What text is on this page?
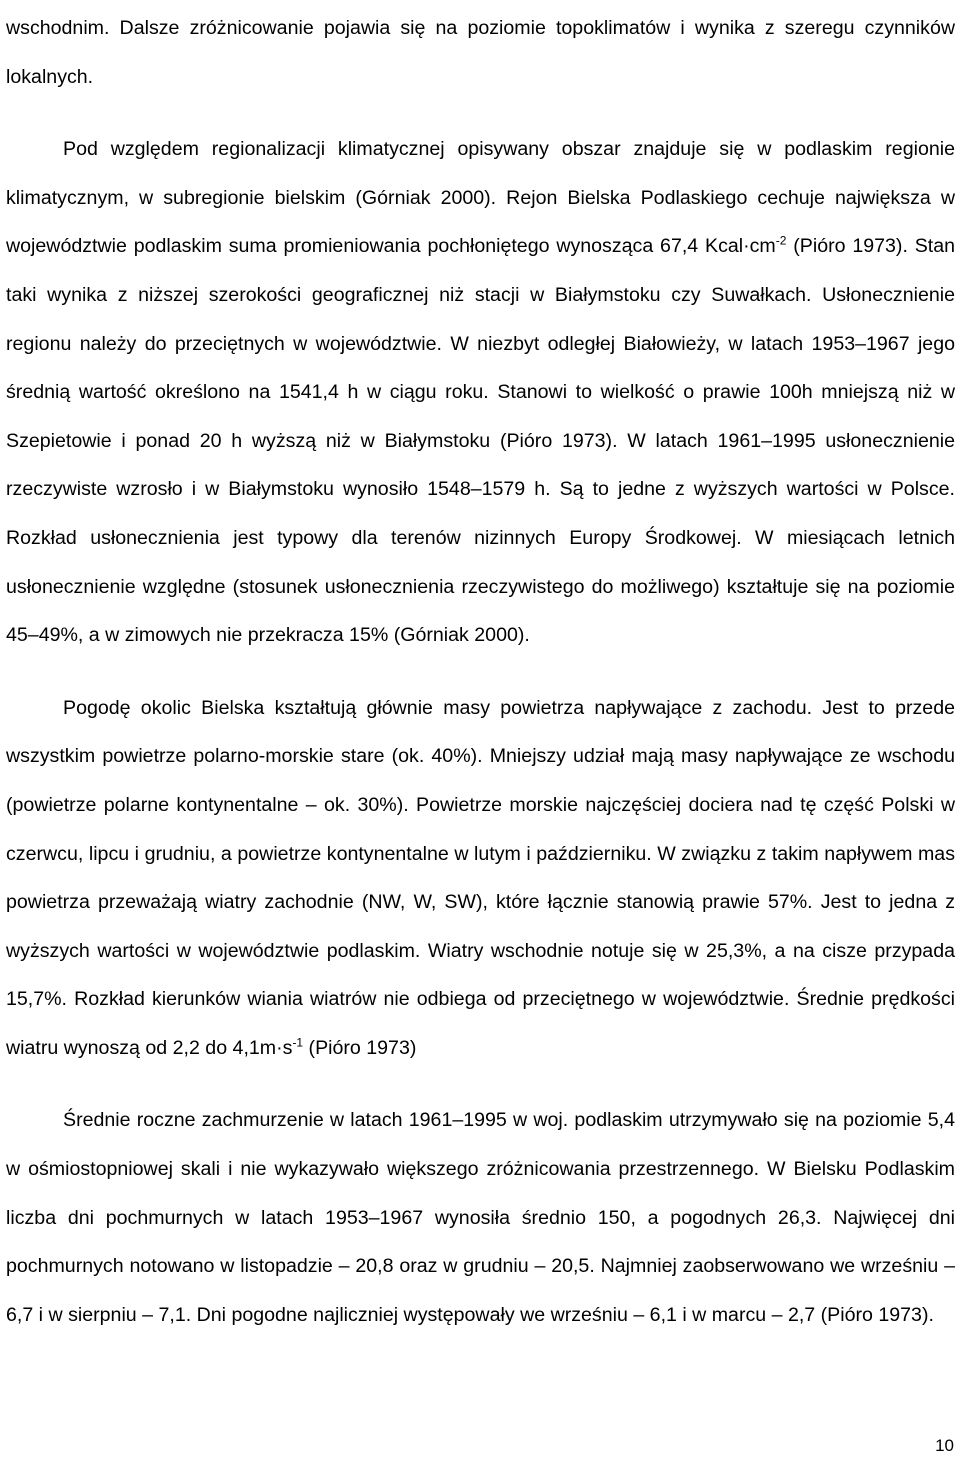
wschodnim. Dalsze zróżnicowanie pojawia się na poziomie topoklimatów i wynika z szeregu czynników lokalnych.

Pod względem regionalizacji klimatycznej opisywany obszar znajduje się w podlaskim regionie klimatycznym, w subregionie bielskim (Górniak 2000). Rejon Bielska Podlaskiego cechuje największa w województwie podlaskim suma promieniowania pochłoniętego wynosząca 67,4 $Kcal\cdot cm^{-2}$ (Pióro 1973). Stan taki wynika z niższej szerokości geograficznej niż stacji w Białymstoku czy Suwałkach. Usłonecznienie regionu należy do przeciętnych w województwie. W niezbyt odległej Białowieży, w latach 1953–1967 jego średnią wartość określono na 1541,4 h w ciągu roku. Stanowi to wielkość o prawie 100h mniejszą niż w Szepietowie i ponad 20 h wyższą niż w Białymstoku (Pióro 1973). W latach 1961–1995 usłonecznienie rzeczywiste wzrosło i w Białymstoku wynosiło 1548–1579 h. Są to jedne z wyższych wartości w Polsce. Rozkład usłonecznienia jest typowy dla terenów nizinnych Europy Środkowej. W miesiącach letnich usłonecznienie względne (stosunek usłonecznienia rzeczywistego do możliwego) kształtuje się na poziomie 45–49%, a w zimowych nie przekracza 15% (Górniak 2000).

Pogodę okolic Bielska kształtują głównie masy powietrza napływające z zachodu. Jest to przede wszystkim powietrze polarno-morskie stare (ok. 40%). Mniejszy udział mają masy napływające ze wschodu (powietrze polarne kontynentalne – ok. 30%). Powietrze morskie najczęściej dociera nad tę część Polski w czerwcu, lipcu i grudniu, a powietrze kontynentalne w lutym i październiku. W związku z takim napływem mas powietrza przeważają wiatry zachodnie (NW, W, SW), które łącznie stanowią prawie 57%. Jest to jedna z wyższych wartości w województwie podlaskim. Wiatry wschodnie notuje się w 25,3%, a na cisze przypada 15,7%. Rozkład kierunków wiania wiatrów nie odbiega od przeciętnego w województwie. Średnie prędkości wiatru wynoszą od 2,2 do $4,1m\cdot s^{-1}$ (Pióro 1973)

Średnie roczne zachmurzenie w latach 1961–1995 w woj. podlaskim utrzymywało się na poziomie 5,4 w ośmiostopniowej skali i nie wykazywało większego zróżnicowania przestrzennego. W Bielsku Podlaskim liczba dni pochmurnych w latach 1953–1967 wynosiła średnio 150, a pogodnych 26,3. Najwięcej dni pochmurnych notowano w listopadzie – 20,8 oraz w grudniu – 20,5. Najmniej zaobserwowano we wrześniu – 6,7 i w sierpniu – 7,1. Dni pogodne najliczniej występowały we wrześniu – 6,1 i w marcu – 2,7 (Pióro 1973).

10
